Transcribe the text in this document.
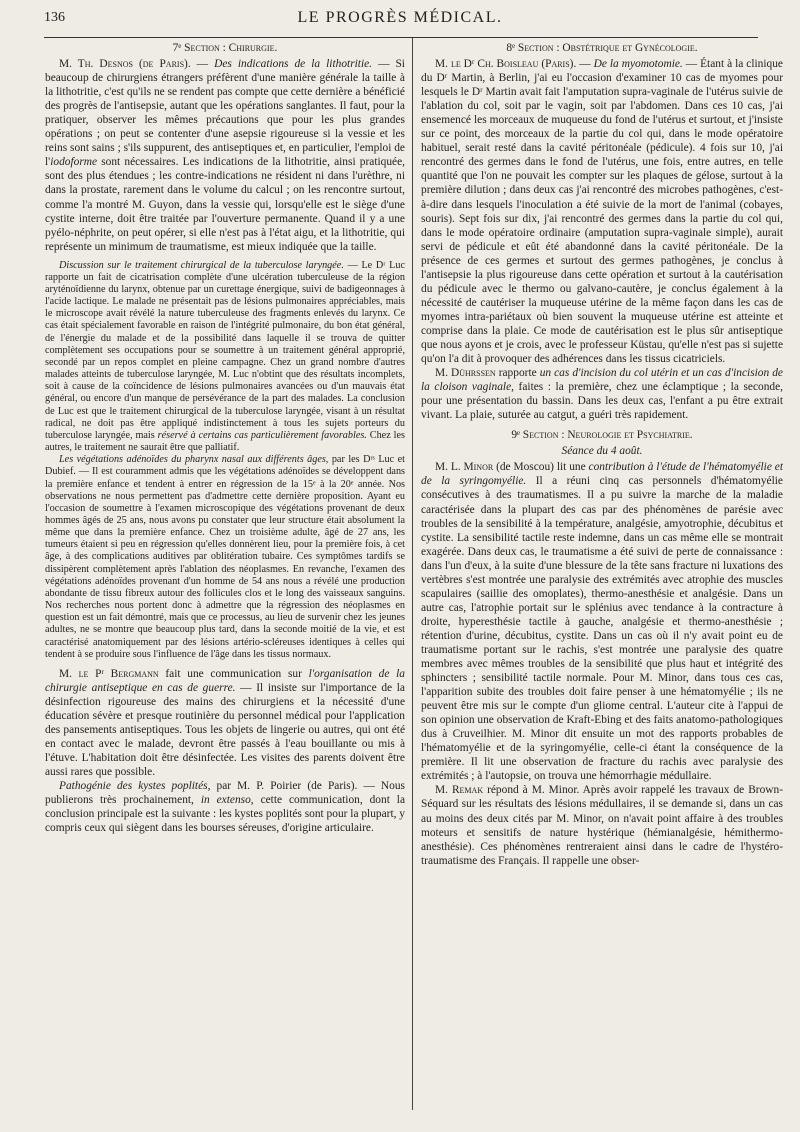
136	LE PROGRÈS MÉDICAL.

7ᵉ Section : Chirurgie.

M. Th. Desnos (de Paris). — Des indications de la lithotritie. — Si beaucoup de chirurgiens étrangers préfèrent d'une manière générale la taille à la lithotritie, c'est qu'ils ne se rendent pas compte que cette dernière a bénéficié des progrès de l'antisepsie, autant que les opérations sanglantes. Il faut, pour la pratiquer, observer les mêmes précautions que pour les plus grandes opérations ; on peut se contenter d'une asepsie rigoureuse si la vessie et les reins sont sains ; s'ils suppurent, des antiseptiques et, en particulier, l'emploi de l'iodoforme sont nécessaires. Les indications de la lithotritie, ainsi pratiquée, sont des plus étendues ; les contre-indications ne résident ni dans l'urèthre, ni dans la prostate, rarement dans le volume du calcul ; on les rencontre surtout, comme l'a montré M. Guyon, dans la vessie qui, lorsqu'elle est le siège d'une cystite interne, doit être traitée par l'ouverture permanente. Quand il y a une pyélo-néphrite, on peut opérer, si elle n'est pas à l'état aigu, et la lithotritie, qui représente un minimum de traumatisme, est mieux indiquée que la taille.

Discussion sur le traitement chirurgical de la tuberculose laryngée. — Le Dʳ Luc rapporte un fait de cicatrisation complète d'une ulcération tuberculeuse de la région aryténoïdienne du larynx, obtenue par un curettage énergique, suivi de badigeonnages à l'acide lactique. Le malade ne présentait pas de lésions pulmonaires appréciables, mais le microscope avait révélé la nature tuberculeuse des fragments enlevés du larynx. Ce cas était spécialement favorable en raison de l'intégrité pulmonaire, du bon état général, de l'énergie du malade et de la possibilité dans laquelle il se trouva de quitter complètement ses occupations pour se soumettre à un traitement général approprié, secondé par un repos complet en pleine campagne. Chez un grand nombre d'autres malades atteints de tuberculose laryngée, M. Luc n'obtint que des résultats incomplets, soit à cause de la coïncidence de lésions pulmonaires avancées ou d'un mauvais état général, ou encore d'un manque de persévérance de la part des malades. La conclusion de Luc est que le traitement chirurgical de la tuberculose laryngée, visant à un résultat radical, ne doit pas être appliqué indistinctement à tous les sujets porteurs du tuberculose laryngée, mais réservé à certains cas particulièrement favorables. Chez les autres, le traitement ne saurait être que palliatif.

Les végétations adénoïdes du pharynx nasal aux différents âges, par les Dʳˢ Luc et Dubief. — Il est couramment admis que les végétations adénoïdes se développent dans la première enfance et tendent à entrer en régression de la 15ᵉ à la 20ᵉ année. Nos observations ne nous permettent pas d'admettre cette dernière proposition. Ayant eu l'occasion de soumettre à l'examen microscopique des végétations provenant de deux hommes âgés de 25 ans, nous avons pu constater que leur structure était absolument la même que dans la première enfance. Chez un troisième adulte, âgé de 27 ans, les tumeurs étaient si peu en régression qu'elles donnèrent lieu, pour la première fois, à cet âge, à des complications auditives par oblitération tubaire. Ces symptômes tardifs se dissipèrent complètement après l'ablation des néoplasmes. En revanche, l'examen des végétations adénoïdes provenant d'un homme de 54 ans nous a révélé une production abondante de tissu fibreux autour des follicules clos et le long des vaisseaux sanguins. Nos recherches nous portent donc à admettre que la régression des néoplasmes en question est un fait démontré, mais que ce processus, au lieu de survenir chez les jeunes adultes, ne se montre que beaucoup plus tard, dans la seconde moitié de la vie, et est caractérisé anatomiquement par des lésions artério-scléreuses identiques à celles qui tendent à se produire sous l'influence de l'âge dans les tissus normaux.

M. le Pʳ Bergmann fait une communication sur l'organisation de la chirurgie antiseptique en cas de guerre. — Il insiste sur l'importance de la désinfection rigoureuse des mains des chirurgiens et la nécessité d'une éducation sévère et presque routinière du personnel médical pour l'application des pansements antiseptiques. Tous les objets de lingerie ou autres, qui ont été en contact avec le malade, devront être passés à l'eau bouillante ou mis à l'étuve. L'habitation doit être désinfectée. Les visites des parents doivent être aussi rares que possible.

Pathogénie des kystes poplités, par M. P. Poirier (de Paris). — Nous publierons très prochainement, in extenso, cette communication, dont la conclusion principale est la suivante : les kystes poplités sont pour la plupart, y compris ceux qui siègent dans les bourses séreuses, d'origine articulaire.

8ᵉ Section : Obstétrique et Gynécologie.

M. le Dʳ Ch. Boisleau (Paris). — De la myomotomie. — Étant à la clinique du Dʳ Martin, à Berlin, j'ai eu l'occasion d'examiner 10 cas de myomes pour lesquels le Dʳ Martin avait fait l'amputation supra-vaginale de l'utérus suivie de l'ablation du col, soit par le vagin, soit par l'abdomen. Dans ces 10 cas, j'ai ensemencé les morceaux de muqueuse du fond de l'utérus et surtout, et j'insiste sur ce point, des morceaux de la partie du col qui, dans le mode opératoire habituel, serait resté dans la cavité péritonéale (pédicule). 4 fois sur 10, j'ai rencontré des germes dans le fond de l'utérus, une fois, entre autres, en telle quantité que l'on ne pouvait les compter sur les plaques de gélose, surtout à la première dilution ; dans deux cas j'ai rencontré des microbes pathogènes, c'est-à-dire dans lesquels l'inoculation a été suivie de la mort de l'animal (cobayes, souris). Sept fois sur dix, j'ai rencontré des germes dans la partie du col qui, dans le mode opératoire ordinaire (amputation supra-vaginale simple), aurait servi de pédicule et eût été abandonné dans la cavité péritonéale. De la présence de ces germes et surtout des germes pathogènes, je conclus à l'antisepsie la plus rigoureuse dans cette opération et surtout à la cautérisation du pédicule avec le thermo ou galvano-cautère, je conclus également à la nécessité de cautériser la muqueuse utérine de la même façon dans les cas de myomes intra-pariétaux où bien souvent la muqueuse utérine est atteinte et comprise dans la plaie. Ce mode de cautérisation est le plus sûr antiseptique que nous ayons et je crois, avec le professeur Küstau, qu'elle n'est pas si sujette qu'on l'a dit à provoquer des adhérences dans les tissus cicatriciels.

M. Dührssen rapporte un cas d'incision du col utérin et un cas d'incision de la cloison vaginale, faites : la première, chez une éclamptique ; la seconde, pour une présentation du bassin. Dans les deux cas, l'enfant a pu être extrait vivant. La plaie, suturée au catgut, a guéri très rapidement.

9ᵉ Section : Neurologie et Psychiatrie.

Séance du 4 août.

M. L. Minor (de Moscou) lit une contribution à l'étude de l'hématomyélie et de la syringomyélie. Il a réuni cinq cas personnels d'hématomyélie consécutives à des traumatismes. Il a pu suivre la marche de la maladie caractérisée dans la plupart des cas par des phénomènes de parésie avec troubles de la sensibilité à la température, analgésie, amyotrophie, décubitus et cystite. La sensibilité tactile reste indemne, dans un cas même elle se montrait exagérée. Dans deux cas, le traumatisme a été suivi de perte de connaissance : dans l'un d'eux, à la suite d'une blessure de la tête sans fracture ni luxations des vertèbres s'est montrée une paralysie des extrémités avec atrophie des muscles scapulaires (saillie des omoplates), thermo-anesthésie et analgésie. Dans un autre cas, l'atrophie portait sur le splénius avec tendance à la contracture à droite, hyperesthésie tactile à gauche, analgésie et thermo-anesthésie ; rétention d'urine, décubitus, cystite. Dans un cas où il n'y avait point eu de traumatisme portant sur le rachis, s'est montrée une paralysie des quatre membres avec mêmes troubles de la sensibilité que plus haut et intégrité des sphincters ; sensibilité tactile normale. Pour M. Minor, dans tous ces cas, l'apparition subite des troubles doit faire penser à une hématomyélie ; ils ne peuvent être mis sur le compte d'un gliome central. L'auteur cite à l'appui de son opinion une observation de Kraft-Ebing et des faits anatomo-pathologiques dus à Cruveilhier. M. Minor dit ensuite un mot des rapports probables de l'hématomyélie et de la syringomyélie, celle-ci étant la conséquence de la première. Il lit une observation de fracture du rachis avec paralysie des extrémités ; à l'autopsie, on trouva une hémorrhagie médullaire.

M. Remak répond à M. Minor. Après avoir rappelé les travaux de Brown-Séquard sur les résultats des lésions médullaires, il se demande si, dans un cas au moins des deux cités par M. Minor, on n'avait point affaire à des troubles moteurs et sensitifs de nature hystérique (hémianalgésie, hémithermo-anesthésie). Ces phénomènes rentreraient ainsi dans le cadre de l'hystéro-traumatisme des Français. Il rappelle une obser-
